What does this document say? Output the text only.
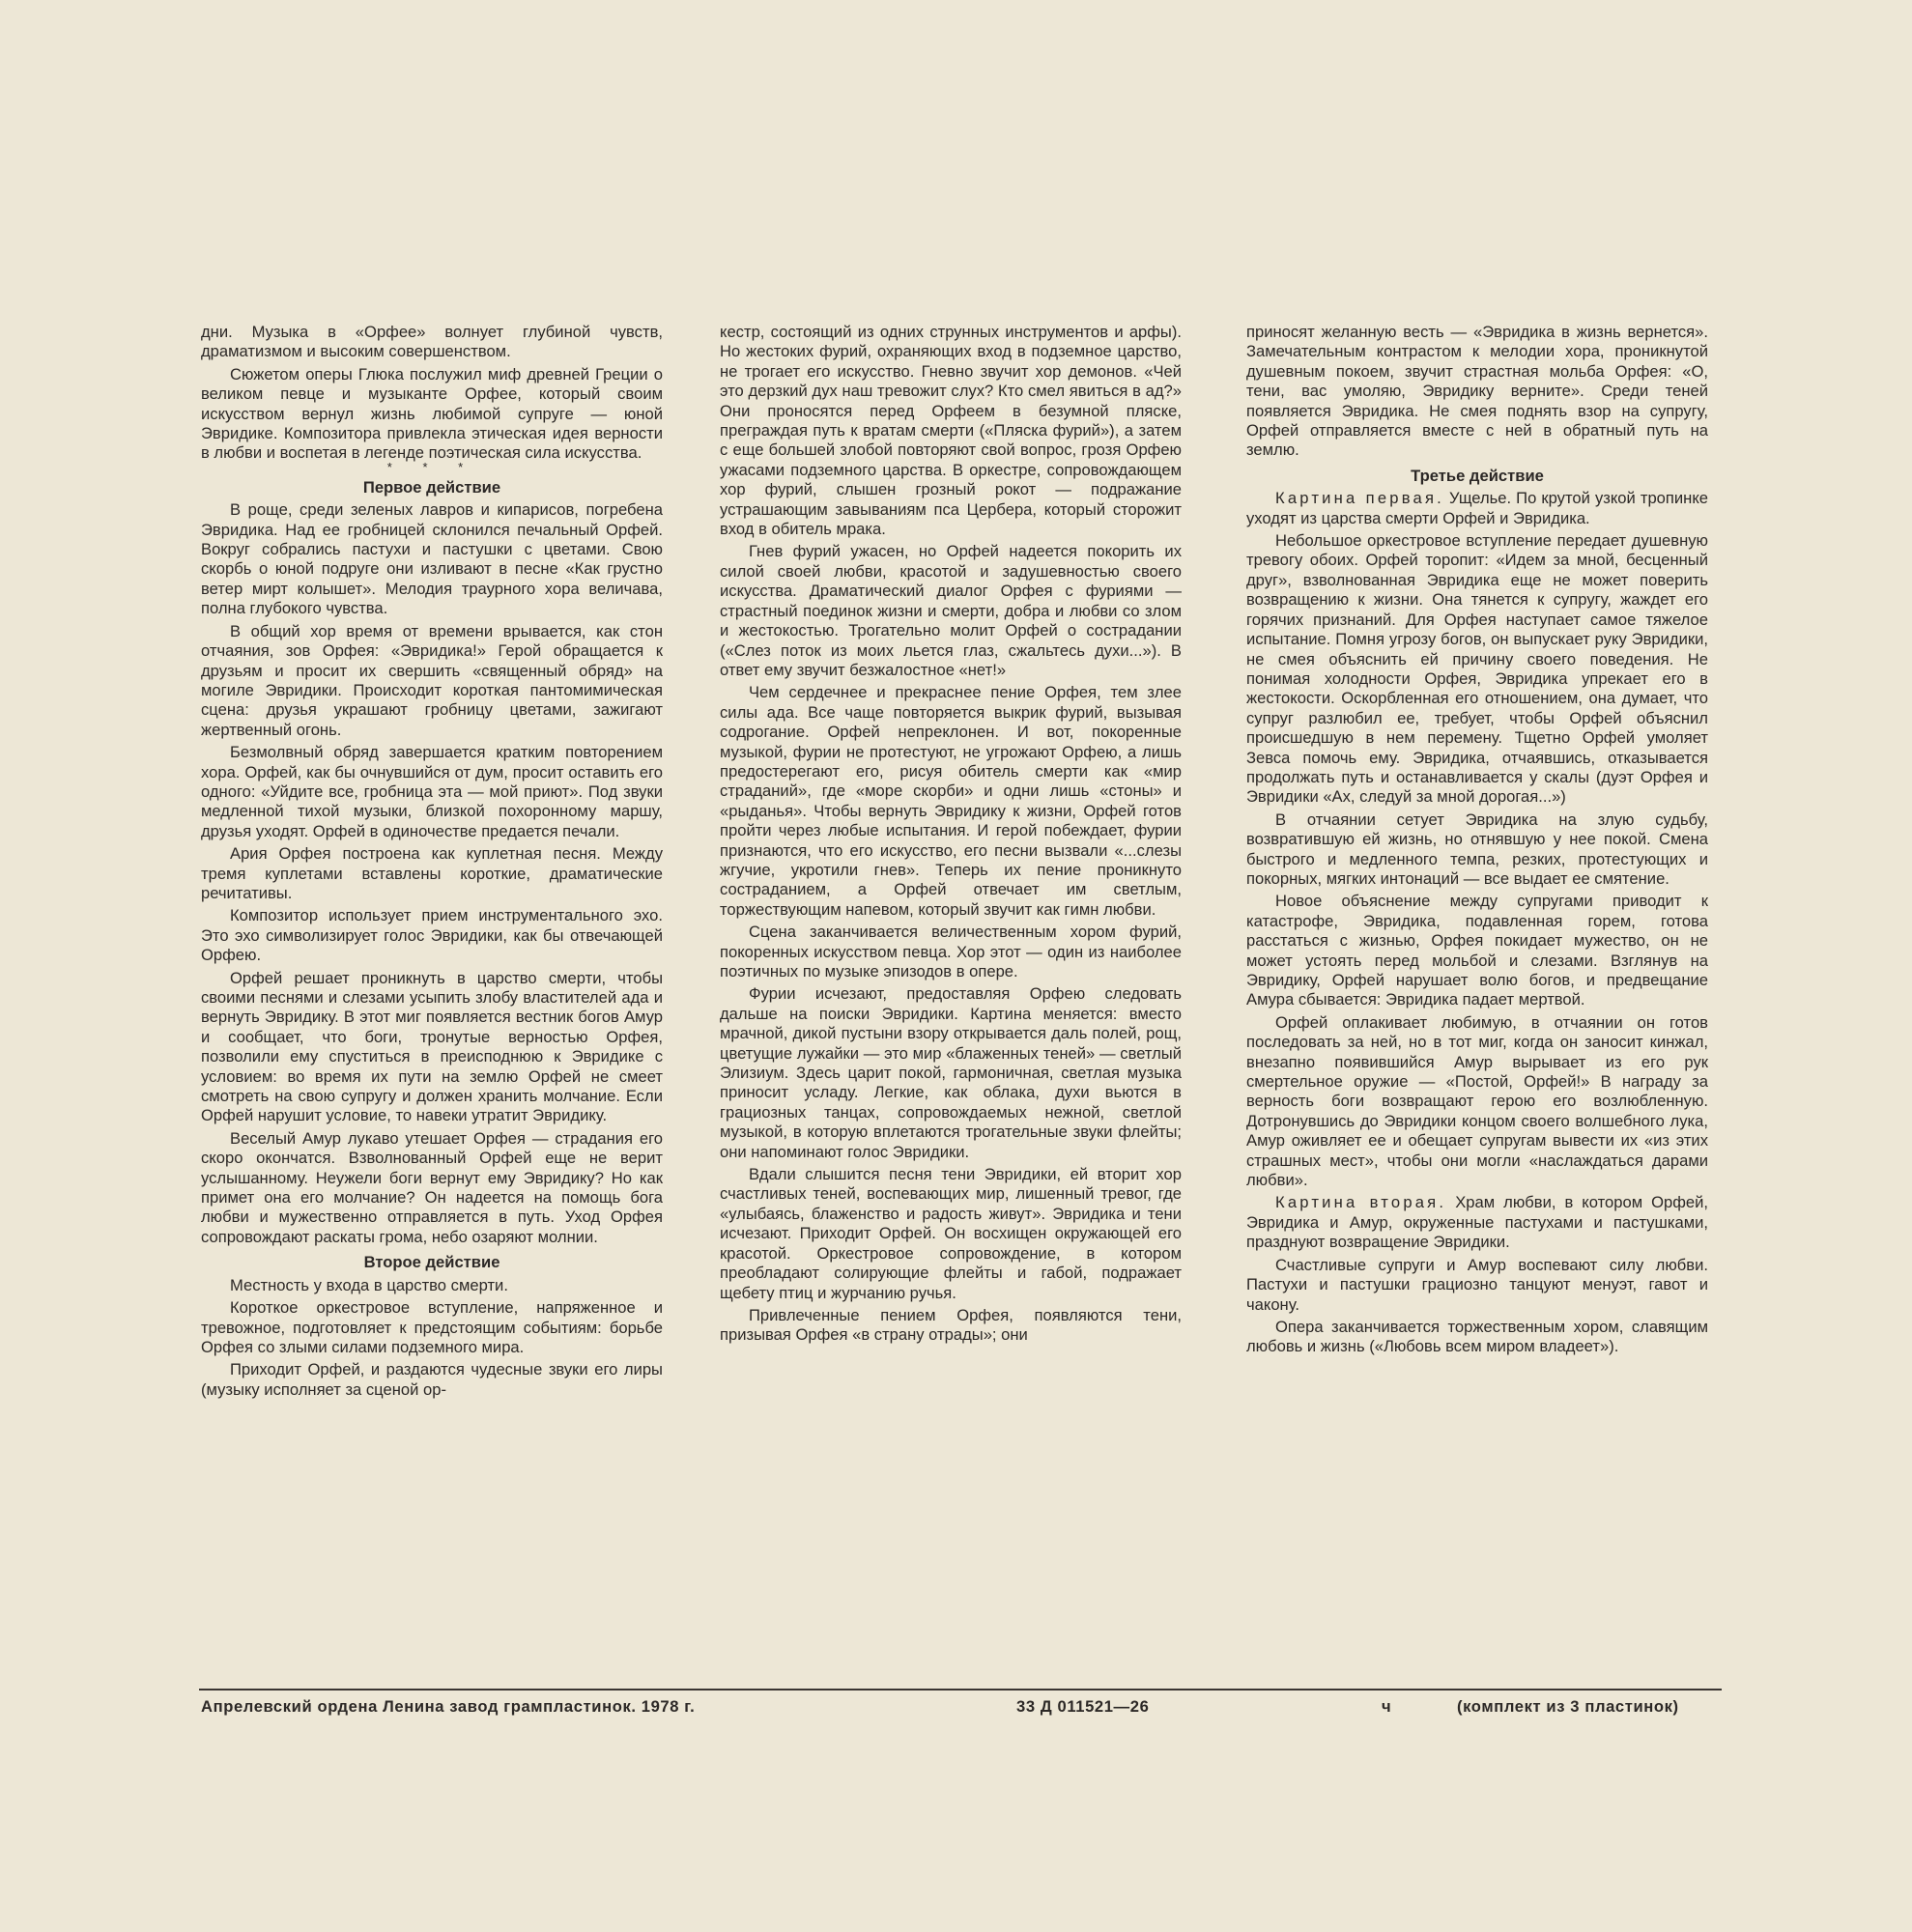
дни. Музыка в «Орфее» волнует глубиной чувств, драматизмом и высоким совершенством.

Сюжетом оперы Глюка послужил миф древней Греции о великом певце и музыканте Орфее, который своим искусством вернул жизнь любимой супруге — юной Эвридике. Композитора привлекла этическая идея верности в любви и воспетая в легенде поэтическая сила искусства.

* * *
Первое действие

В роще, среди зеленых лавров и кипарисов, погребена Эвридика. Над ее гробницей склонился печальный Орфей. Вокруг собрались пастухи и пастушки с цветами. Свою скорбь о юной подруге они изливают в песне «Как грустно ветер мирт колышет». Мелодия траурного хора величава, полна глубокого чувства.

В общий хор время от времени врывается, как стон отчаяния, зов Орфея: «Эвридика!» Герой обращается к друзьям и просит их свершить «священный обряд» на могиле Эвридики. Происходит короткая пантомимическая сцена: друзья украшают гробницу цветами, зажигают жертвенный огонь.

Безмолвный обряд завершается кратким повторением хора. Орфей, как бы очнувшийся от дум, просит оставить его одного: «Уйдите все, гробница эта — мой приют». Под звуки медленной тихой музыки, близкой похоронному маршу, друзья уходят. Орфей в одиночестве предается печали.

Ария Орфея построена как куплетная песня. Между тремя куплетами вставлены короткие, драматические речитативы.

Композитор использует прием инструментального эхо. Это эхо символизирует голос Эвридики, как бы отвечающей Орфею.

Орфей решает проникнуть в царство смерти, чтобы своими песнями и слезами усыпить злобу властителей ада и вернуть Эвридику. В этот миг появляется вестник богов Амур и сообщает, что боги, тронутые верностью Орфея, позволили ему спуститься в преисподнюю к Эвридике с условием: во время их пути на землю Орфей не смеет смотреть на свою супругу и должен хранить молчание. Если Орфей нарушит условие, то навеки утратит Эвридику.

Веселый Амур лукаво утешает Орфея — страдания его скоро окончатся. Взволнованный Орфей еще не верит услышанному. Неужели боги вернут ему Эвридику? Но как примет она его молчание? Он надеется на помощь бога любви и мужественно отправляется в путь. Уход Орфея сопровождают раскаты грома, небо озаряют молнии.

Второе действие

Местность у входа в царство смерти.

Короткое оркестровое вступление, напряженное и тревожное, подготовляет к предстоящим событиям: борьбе Орфея со злыми силами подземного мира.

Приходит Орфей, и раздаются чудесные звуки его лиры (музыку исполняет за сценой ор-

кестр, состоящий из одних струнных инструментов и арфы). Но жестоких фурий, охраняющих вход в подземное царство, не трогает его искусство. Гневно звучит хор демонов. «Чей это дерзкий дух наш тревожит слух? Кто смел явиться в ад?» Они проносятся перед Орфеем в безумной пляске, преграждая путь к вратам смерти («Пляска фурий»), а затем с еще большей злобой повторяют свой вопрос, грозя Орфею ужасами подземного царства. В оркестре, сопровождающем хор фурий, слышен грозный рокот — подражание устрашающим завываниям пса Цербера, который сторожит вход в обитель мрака.

Гнев фурий ужасен, но Орфей надеется покорить их силой своей любви, красотой и задушевностью своего искусства. Драматический диалог Орфея с фуриями — страстный поединок жизни и смерти, добра и любви со злом и жестокостью. Трогательно молит Орфей о сострадании («Слез поток из моих льется глаз, сжальтесь духи...»). В ответ ему звучит безжалостное «нет!»

Чем сердечнее и прекраснее пение Орфея, тем злее силы ада. Все чаще повторяется выкрик фурий, вызывая содрогание. Орфей непреклонен. И вот, покоренные музыкой, фурии не протестуют, не угрожают Орфею, а лишь предостерегают его, рисуя обитель смерти как «мир страданий», где «море скорби» и одни лишь «стоны» и «рыданья». Чтобы вернуть Эвридику к жизни, Орфей готов пройти через любые испытания. И герой побеждает, фурии признаются, что его искусство, его песни вызвали «...слезы жгучие, укротили гнев». Теперь их пение проникнуто состраданием, а Орфей отвечает им светлым, торжествующим напевом, который звучит как гимн любви.

Сцена заканчивается величественным хором фурий, покоренных искусством певца. Хор этот — один из наиболее поэтичных по музыке эпизодов в опере.

Фурии исчезают, предоставляя Орфею следовать дальше на поиски Эвридики. Картина меняется: вместо мрачной, дикой пустыни взору открывается даль полей, рощ, цветущие лужайки — это мир «блаженных теней» — светлый Элизиум. Здесь царит покой, гармоничная, светлая музыка приносит усладу. Легкие, как облака, духи вьются в грациозных танцах, сопровождаемых нежной, светлой музыкой, в которую вплетаются трогательные звуки флейты; они напоминают голос Эвридики.

Вдали слышится песня тени Эвридики, ей вторит хор счастливых теней, воспевающих мир, лишенный тревог, где «улыбаясь, блаженство и радость живут». Эвридика и тени исчезают. Приходит Орфей. Он восхищен окружающей его красотой. Оркестровое сопровождение, в котором преобладают солирующие флейты и габой, подражает щебету птиц и журчанию ручья.

Привлеченные пением Орфея, появляются тени, призывая Орфея «в страну отрады»; они

приносят желанную весть — «Эвридика в жизнь вернется». Замечательным контрастом к мелодии хора, проникнутой душевным покоем, звучит страстная мольба Орфея: «О, тени, вас умоляю, Эвридику верните». Среди теней появляется Эвридика. Не смея поднять взор на супругу, Орфей отправляется вместе с ней в обратный путь на землю.

Третье действие

Картина первая. Ущелье. По крутой узкой тропинке уходят из царства смерти Орфей и Эвридика.

Небольшое оркестровое вступление передает душевную тревогу обоих. Орфей торопит: «Идем за мной, бесценный друг», взволнованная Эвридика еще не может поверить возвращению к жизни. Она тянется к супругу, жаждет его горячих признаний. Для Орфея наступает самое тяжелое испытание. Помня угрозу богов, он выпускает руку Эвридики, не смея объяснить ей причину своего поведения. Не понимая холодности Орфея, Эвридика упрекает его в жестокости. Оскорбленная его отношением, она думает, что супруг разлюбил ее, требует, чтобы Орфей объяснил происшедшую в нем перемену. Тщетно Орфей умоляет Зевса помочь ему. Эвридика, отчаявшись, отказывается продолжать путь и останавливается у скалы (дуэт Орфея и Эвридики «Ах, следуй за мной дорогая...»)

В отчаянии сетует Эвридика на злую судьбу, возвратившую ей жизнь, но отнявшую у нее покой. Смена быстрого и медленного темпа, резких, протестующих и покорных, мягких интонаций — все выдает ее смятение.

Новое объяснение между супругами приводит к катастрофе, Эвридика, подавленная горем, готова расстаться с жизнью, Орфея покидает мужество, он не может устоять перед мольбой и слезами. Взглянув на Эвридику, Орфей нарушает волю богов, и предвещание Амура сбывается: Эвридика падает мертвой.

Орфей оплакивает любимую, в отчаянии он готов последовать за ней, но в тот миг, когда он заносит кинжал, внезапно появившийся Амур вырывает из его рук смертельное оружие — «Постой, Орфей!» В награду за верность боги возвращают герою его возлюбленную. Дотронувшись до Эвридики концом своего волшебного лука, Амур оживляет ее и обещает супругам вывести их «из этих страшных мест», чтобы они могли «наслаждаться дарами любви».

Картина вторая. Храм любви, в котором Орфей, Эвридика и Амур, окруженные пастухами и пастушками, празднуют возвращение Эвридики.

Счастливые супруги и Амур воспевают силу любви. Пастухи и пастушки грациозно танцуют менуэт, гавот и чакону.

Опера заканчивается торжественным хором, славящим любовь и жизнь («Любовь всем миром владеет»).

Апрелевский ордена Ленина завод грампластинок. 1978 г.	33 Д 011521—26	ч	(комплект из 3 пластинок)
